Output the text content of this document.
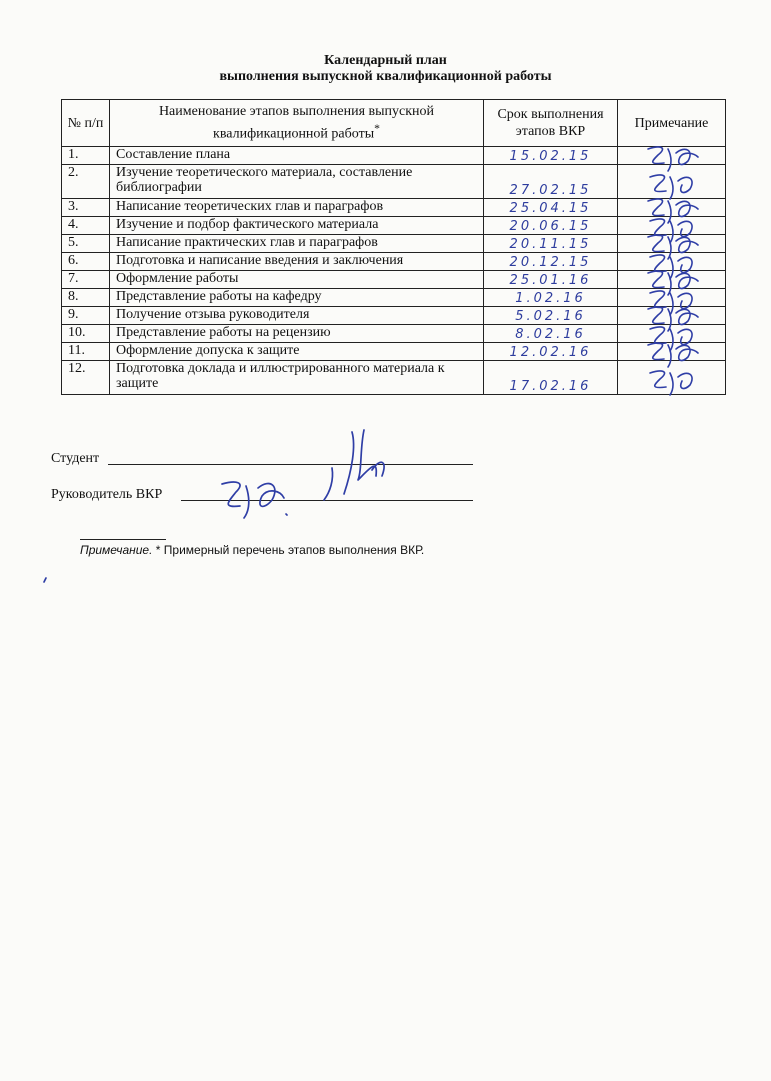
Календарный план
выполнения выпускной квалификационной работы
№ п/п	Наименование этапов выполнения выпускной квалификационной работы*	Срок выполнения этапов ВКР	Примечание
1.	Составление плана	15.02.15

2.	Изучение теоретического материала, составление библиографии	27.02.15

3.	Написание теоретических глав и параграфов	25.04.15

4.	Изучение и подбор фактического материала	20.06.15

5.	Написание практических глав и параграфов	20.11.15

6.	Подготовка и написание введения и заключения	20.12.15

7.	Оформление работы	25.01.16

8.	Представление работы на кафедру	1.02.16

9.	Получение отзыва руководителя	5.02.16

10.	Представление работы на рецензию	8.02.16

11.	Оформление допуска к защите	12.02.16

12.	Подготовка доклада и иллюстрированного материала к защите	17.02.16

Студент
Руководитель ВКР
Примечание. * Примерный перечень этапов выполнения ВКР.
